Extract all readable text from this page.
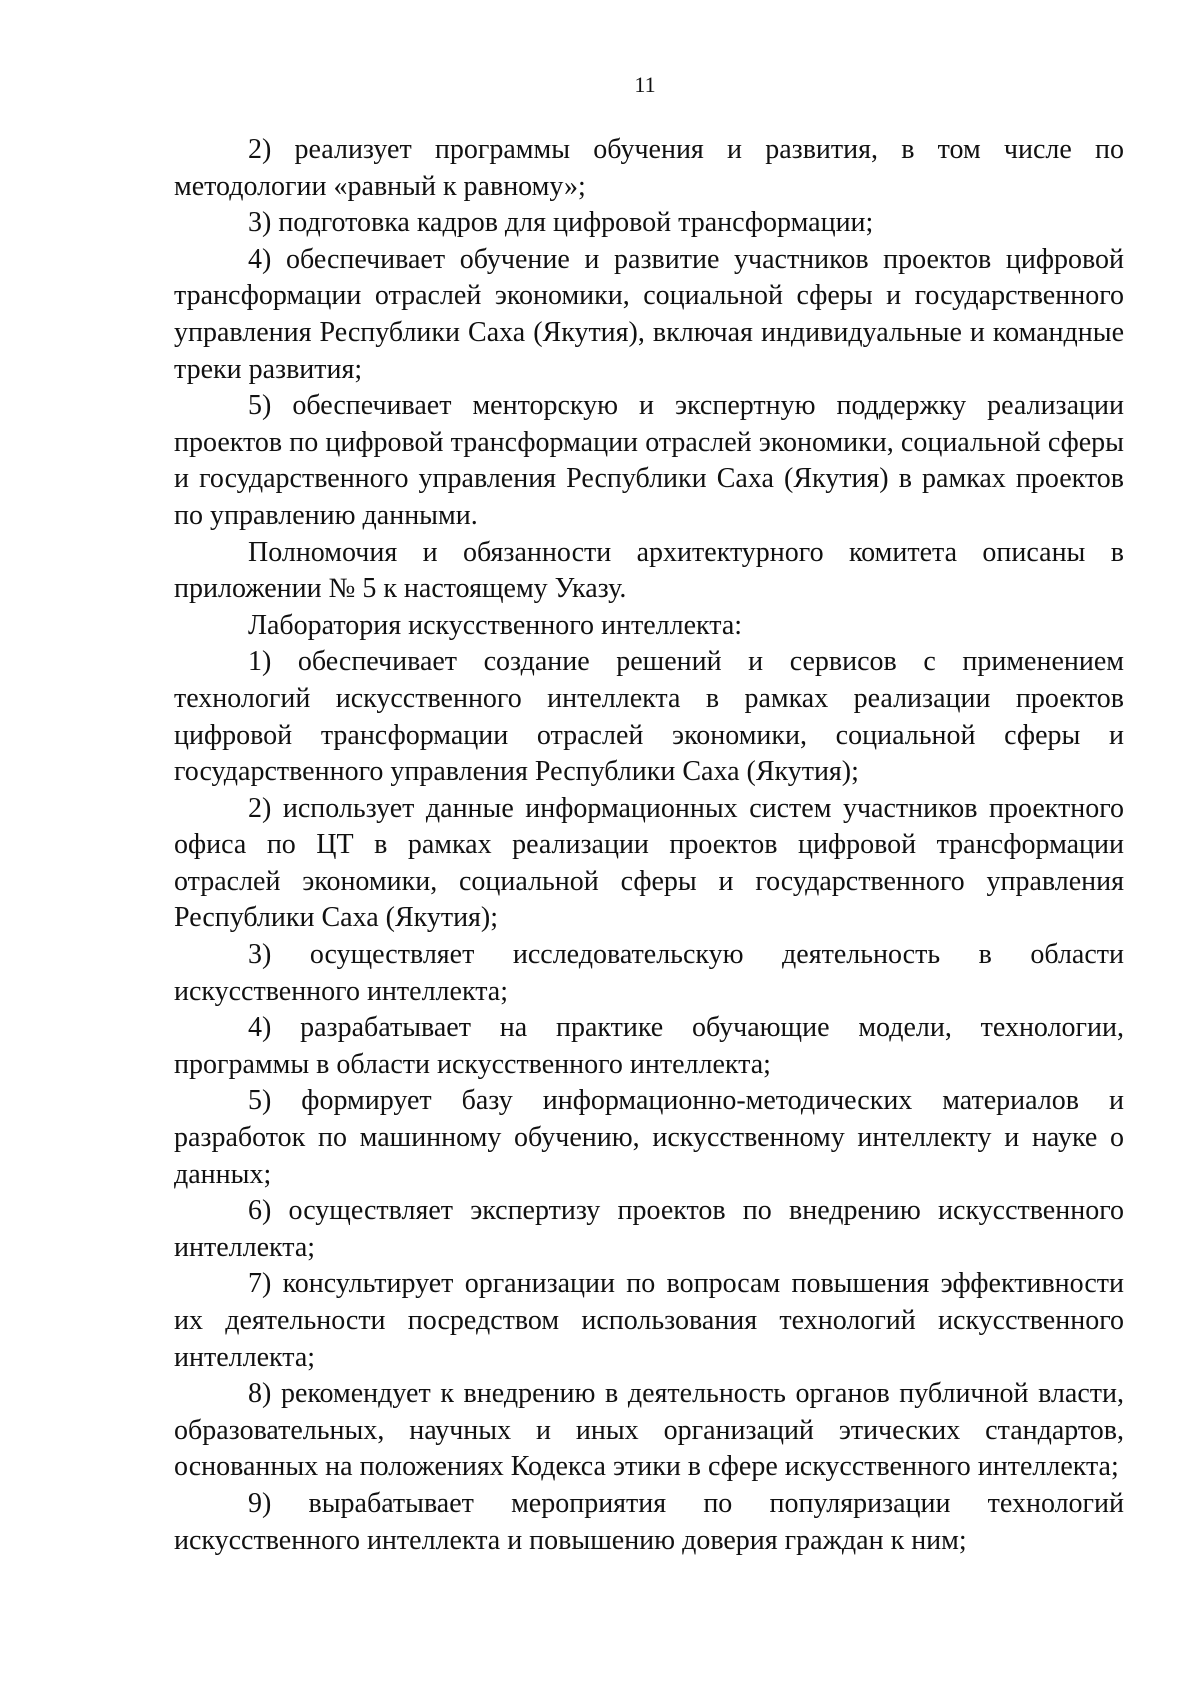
11

2) реализует программы обучения и развития, в том числе по методологии «равный к равному»;

3) подготовка кадров для цифровой трансформации;

4) обеспечивает обучение и развитие участников проектов цифровой трансформации отраслей экономики, социальной сферы и государственного управления Республики Саха (Якутия), включая индивидуальные и командные треки развития;

5) обеспечивает менторскую и экспертную поддержку реализации проектов по цифровой трансформации отраслей экономики, социальной сферы и государственного управления Республики Саха (Якутия) в рамках проектов по управлению данными.

Полномочия и обязанности архитектурного комитета описаны в приложении № 5 к настоящему Указу.

Лаборатория искусственного интеллекта:

1) обеспечивает создание решений и сервисов с применением технологий искусственного интеллекта в рамках реализации проектов цифровой трансформации отраслей экономики, социальной сферы и государственного управления Республики Саха (Якутия);

2) использует данные информационных систем участников проектного офиса по ЦТ в рамках реализации проектов цифровой трансформации отраслей экономики, социальной сферы и государственного управления Республики Саха (Якутия);

3) осуществляет исследовательскую деятельность в области искусственного интеллекта;

4) разрабатывает на практике обучающие модели, технологии, программы в области искусственного интеллекта;

5) формирует базу информационно-методических материалов и разработок по машинному обучению, искусственному интеллекту и науке о данных;

6) осуществляет экспертизу проектов по внедрению искусственного интеллекта;

7) консультирует организации по вопросам повышения эффективности их деятельности посредством использования технологий искусственного интеллекта;

8) рекомендует к внедрению в деятельность органов публичной власти, образовательных, научных и иных организаций этических стандартов, основанных на положениях Кодекса этики в сфере искусственного интеллекта;

9) вырабатывает мероприятия по популяризации технологий искусственного интеллекта и повышению доверия граждан к ним;
